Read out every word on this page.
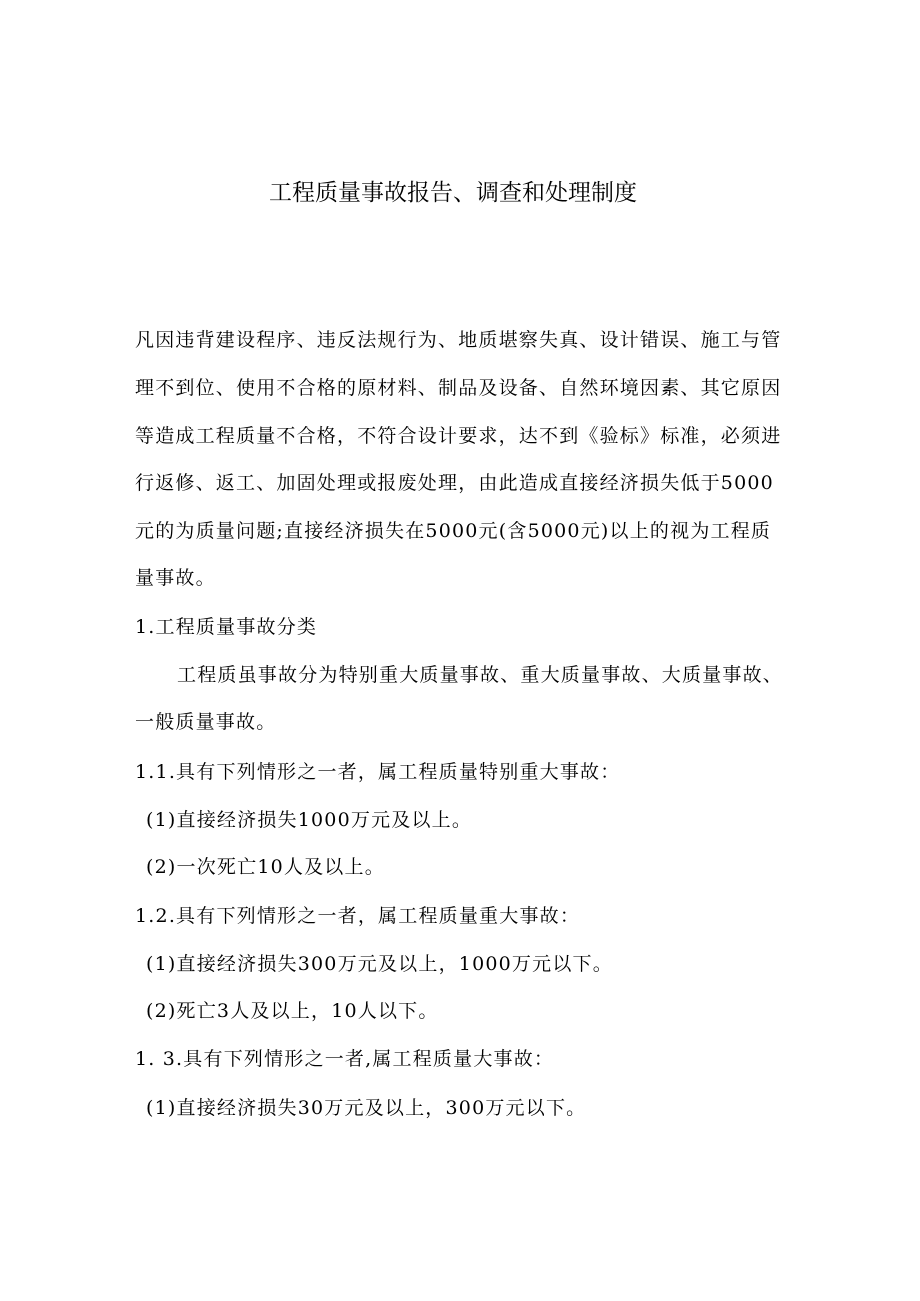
工程质量事故报告、调查和处理制度
凡因违背建设程序、违反法规行为、地质堪察失真、设计错误、施工与管
理不到位、使用不合格的原材料、制品及设备、自然环境因素、其它原因
等造成工程质量不合格，不符合设计要求，达不到《验标》标准，必须进
行返修、返工、加固处理或报废处理，由此造成直接经济损失低于5000
元的为质量问题;直接经济损失在5000元(含5000元)以上的视为工程质
量事故。
1.工程质量事故分类
工程质虽事故分为特别重大质量事故、重大质量事故、大质量事故、
一般质量事故。
1.1.具有下列情形之一者，属工程质量特别重大事故：
(1)直接经济损失1000万元及以上。
(2)一次死亡10人及以上。
1.2.具有下列情形之一者，属工程质量重大事故：
(1)直接经济损失300万元及以上，1000万元以下。
(2)死亡3人及以上，10人以下。
1. 3.具有下列情形之一者,属工程质量大事故：
(1)直接经济损失30万元及以上，300万元以下。
